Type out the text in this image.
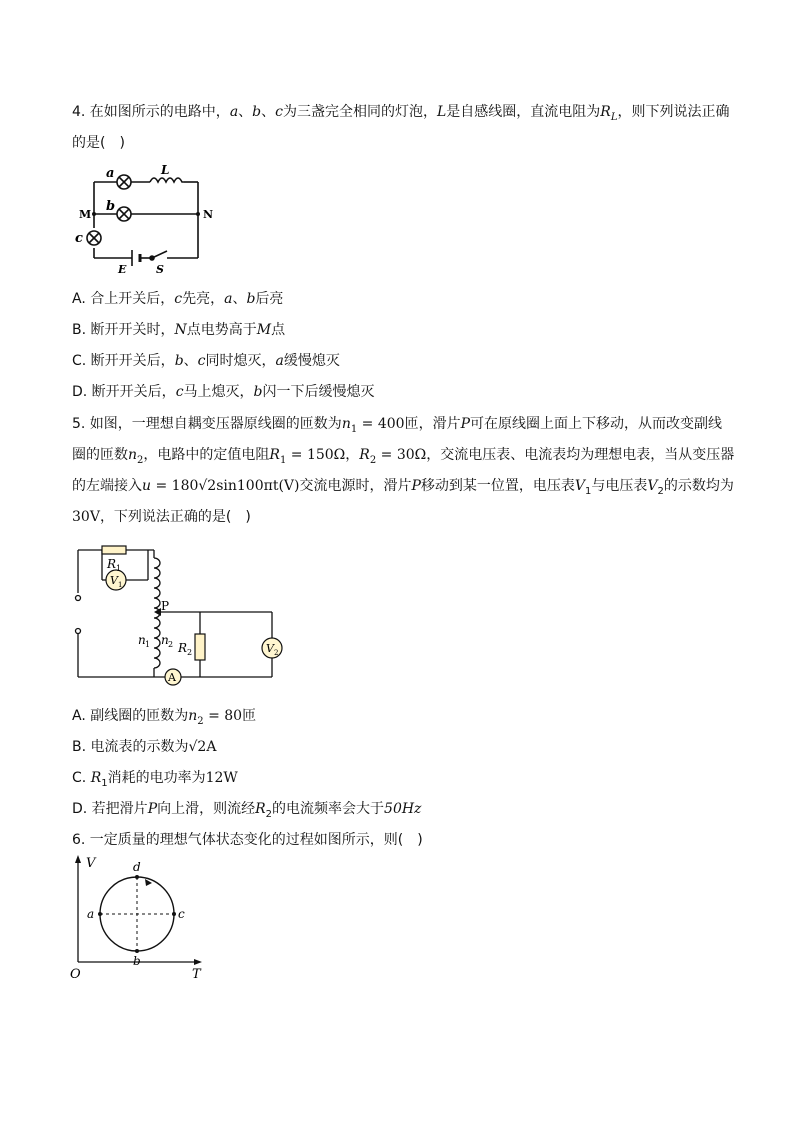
4. 在如图所示的电路中，a、b、c为三盏完全相同的灯泡，L是自感线圈，直流电阻为$R_L$，则下列说法正确
的是(　)
a
b
c
L
M	N
E	S
A. 合上开关后，c先亮，a、b后亮
B. 断开开关时，N点电势高于M点
C. 断开开关后，b、c同时熄灭，a缓慢熄灭
D. 断开开关后，c马上熄灭，b闪一下后缓慢熄灭
5. 如图，一理想自耦变压器原线圈的匝数为$n_1 = 400$匝，滑片P可在原线圈上面上下移动，从而改变副线
圈的匝数$n_2$，电路中的定值电阻$R_1 = 150\Omega$，$R_2 = 30\Omega$，交流电压表、电流表均为理想电表，当从变压器
的左端接入u = 180√2sin100πt(V)交流电源时，滑片P移动到某一位置，电压表$V_1$与电压表$V_2$的示数均为
30V，下列说法正确的是(　)
V 1
V 2
A
R 1
P
n 1 n 2 R 2
A. 副线圈的匝数为$n_2 = 80$匝
B. 电流表的示数为√2A
C. $R_1$消耗的电功率为12W
D. 若把滑片P向上滑，则流经$R_2$的电流频率会大于50Hz
6. 一定质量的理想气体状态变化的过程如图所示，则(　)
V
T
O
a
b
c
d
